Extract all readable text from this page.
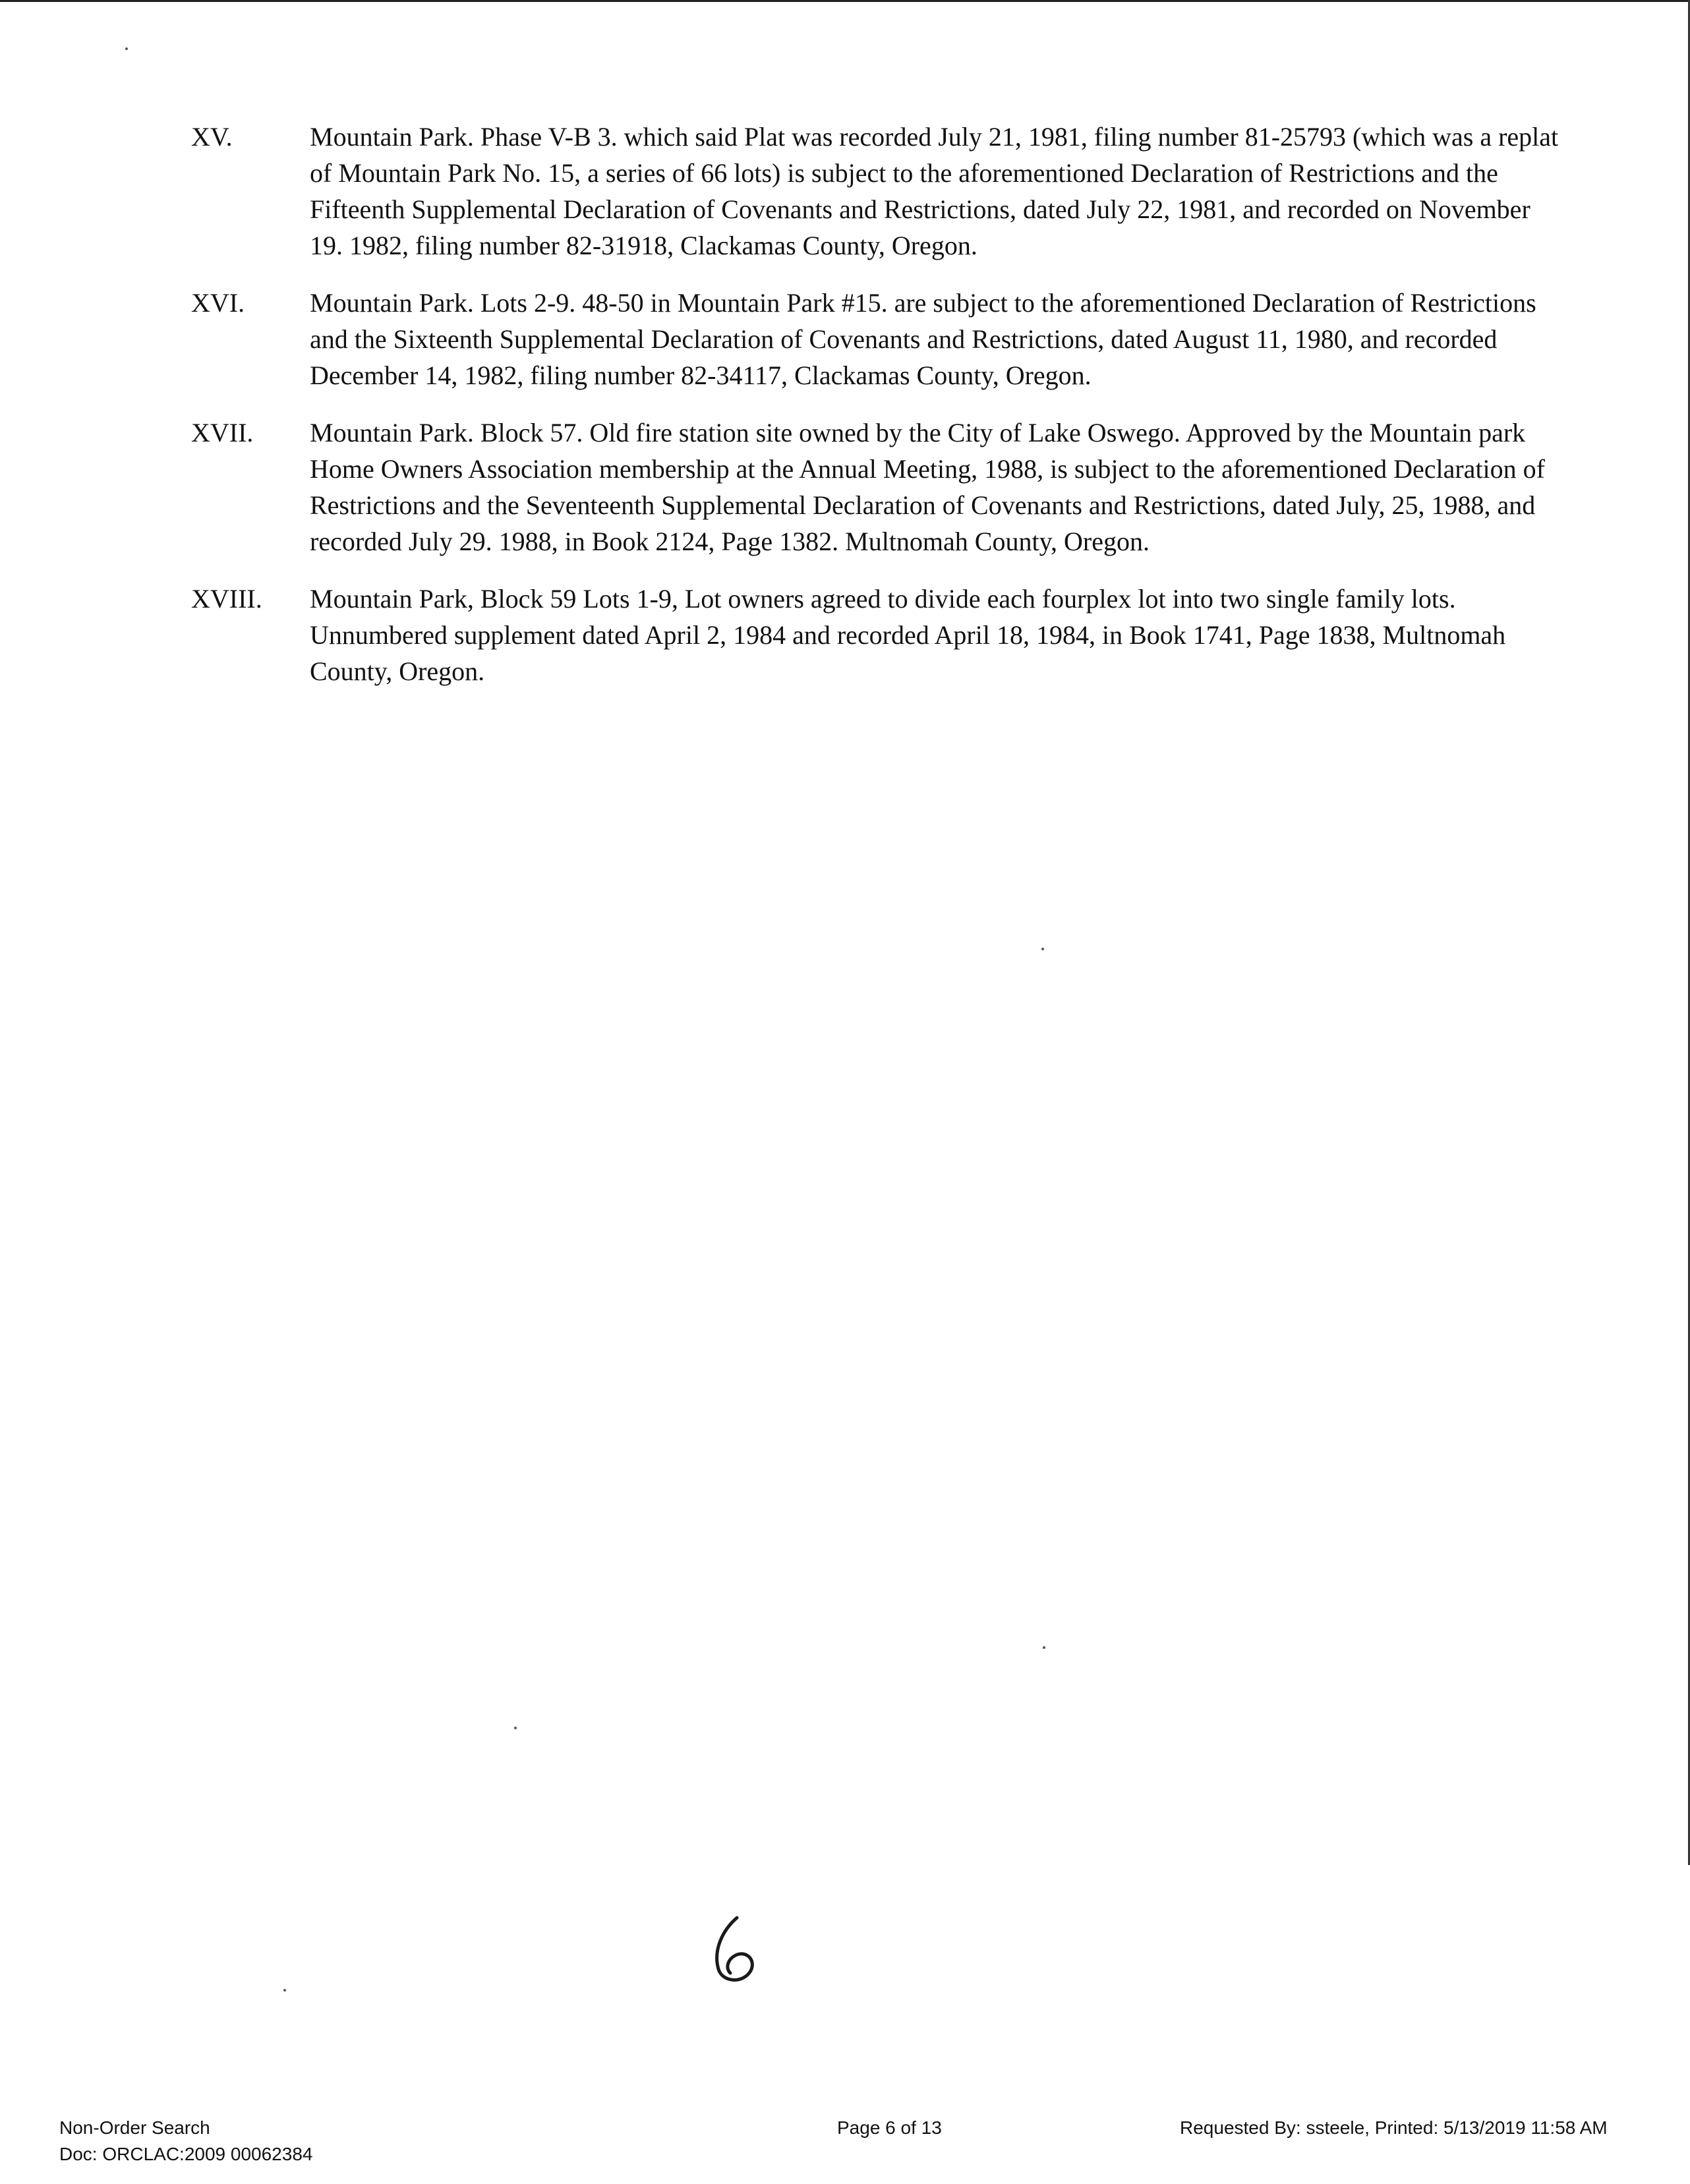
XV.	Mountain Park. Phase V-B 3. which said Plat was recorded July 21, 1981, filing number 81-25793 (which was a replat of Mountain Park No. 15, a series of 66 lots) is subject to the aforementioned Declaration of Restrictions and the Fifteenth Supplemental Declaration of Covenants and Restrictions, dated July 22, 1981, and recorded on November 19. 1982, filing number 82-31918, Clackamas County, Oregon.
XVI.	Mountain Park. Lots 2-9. 48-50 in Mountain Park #15. are subject to the aforementioned Declaration of Restrictions and the Sixteenth Supplemental Declaration of Covenants and Restrictions, dated August 11, 1980, and recorded December 14, 1982, filing number 82-34117, Clackamas County, Oregon.
XVII.	Mountain Park. Block 57. Old fire station site owned by the City of Lake Oswego. Approved by the Mountain park Home Owners Association membership at the Annual Meeting, 1988, is subject to the aforementioned Declaration of Restrictions and the Seventeenth Supplemental Declaration of Covenants and Restrictions, dated July, 25, 1988, and recorded July 29. 1988, in Book 2124, Page 1382. Multnomah County, Oregon.
XVIII.	Mountain Park, Block 59 Lots 1-9, Lot owners agreed to divide each fourplex lot into two single family lots. Unnumbered supplement dated April 2, 1984 and recorded April 18, 1984, in Book 1741, Page 1838, Multnomah County, Oregon.
Non-Order Search
Doc: ORCLAC:2009 00062384
Page 6 of 13	Requested By: ssteele, Printed: 5/13/2019 11:58 AM
